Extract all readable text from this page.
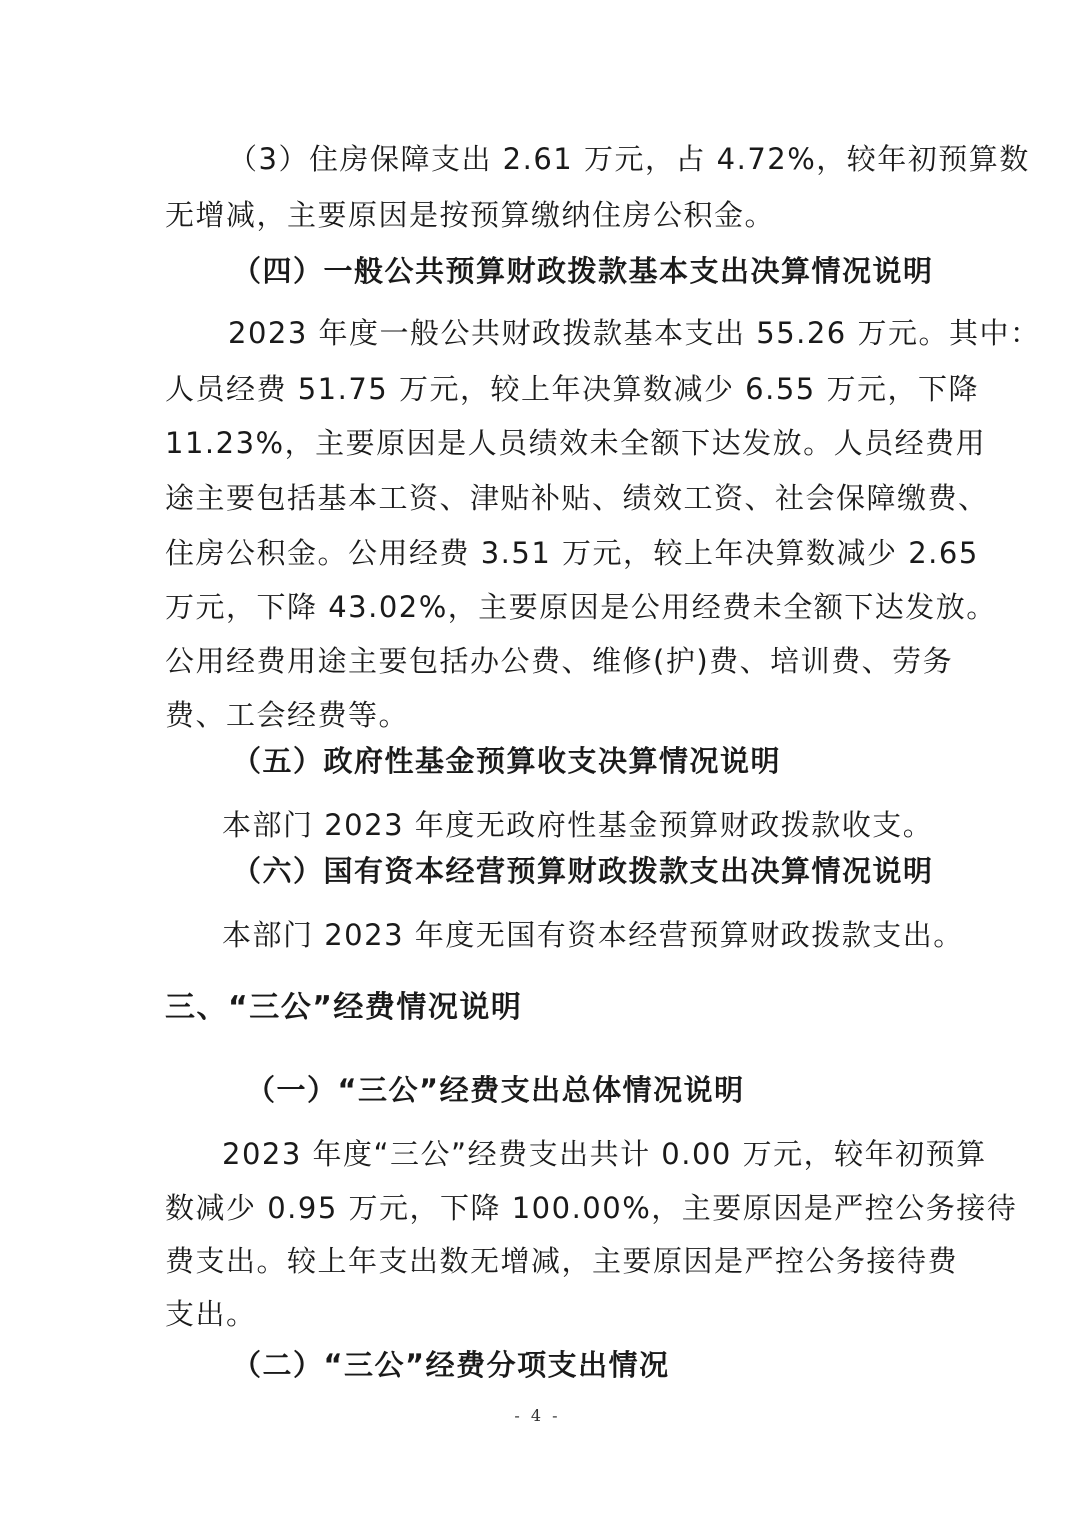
（3）住房保障支出 2.61 万元，占 4.72%，较年初预算数
无增减，主要原因是按预算缴纳住房公积金。
（四）一般公共预算财政拨款基本支出决算情况说明
2023 年度一般公共财政拨款基本支出 55.26 万元。其中：
人员经费 51.75 万元，较上年决算数减少 6.55 万元，下降
11.23%，主要原因是人员绩效未全额下达发放。人员经费用
途主要包括基本工资、津贴补贴、绩效工资、社会保障缴费、
住房公积金。公用经费 3.51 万元，较上年决算数减少 2.65
万元，下降 43.02%，主要原因是公用经费未全额下达发放。
公用经费用途主要包括办公费、维修(护)费、培训费、劳务
费、工会经费等。
（五）政府性基金预算收支决算情况说明
本部门 2023 年度无政府性基金预算财政拨款收支。
（六）国有资本经营预算财政拨款支出决算情况说明
本部门 2023 年度无国有资本经营预算财政拨款支出。
三、“三公”经费情况说明
（一）“三公”经费支出总体情况说明
2023 年度“三公”经费支出共计 0.00 万元，较年初预算
数减少 0.95 万元，下降 100.00%，主要原因是严控公务接待
费支出。较上年支出数无增减，主要原因是严控公务接待费
支出。
（二）“三公”经费分项支出情况
- 4 -
